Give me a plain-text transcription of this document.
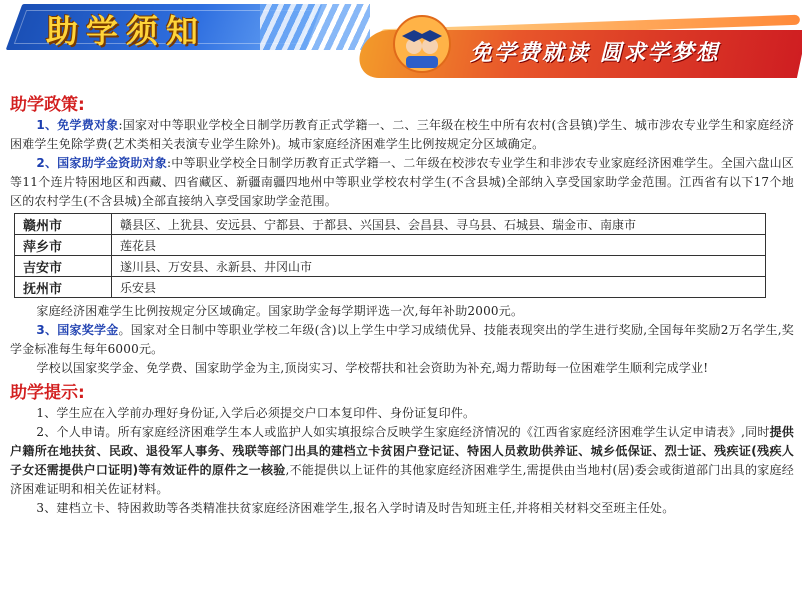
助学须知
免学费就读 圆求学梦想
助学政策:

1、免学费对象:国家对中等职业学校全日制学历教育正式学籍一、二、三年级在校生中所有农村(含县镇)学生、城市涉农专业学生和家庭经济困难学生免除学费(艺术类相关表演专业学生除外)。城市家庭经济困难学生比例按规定分区域确定。

2、国家助学金资助对象:中等职业学校全日制学历教育正式学籍一、二年级在校涉农专业学生和非涉农专业家庭经济困难学生。全国六盘山区等11个连片特困地区和西藏、四省藏区、新疆南疆四地州中等职业学校农村学生(不含县城)全部纳入享受国家助学金范围。江西省有以下17个地区的农村学生(不含县城)全部直接纳入享受国家助学金范围。

赣州市	赣县区、上犹县、安远县、宁都县、于都县、兴国县、会昌县、寻乌县、石城县、瑞金市、南康市
萍乡市	莲花县
吉安市	遂川县、万安县、永新县、井冈山市
抚州市	乐安县

家庭经济困难学生比例按规定分区域确定。国家助学金每学期评选一次,每年补助2000元。

3、国家奖学金。国家对全日制中等职业学校二年级(含)以上学生中学习成绩优异、技能表现突出的学生进行奖励,全国每年奖励2万名学生,奖学金标准每生每年6000元。

学校以国家奖学金、免学费、国家助学金为主,顶岗实习、学校帮扶和社会资助为补充,竭力帮助每一位困难学生顺利完成学业!

助学提示:

1、学生应在入学前办理好身份证,入学后必须提交户口本复印件、身份证复印件。

2、个人申请。所有家庭经济困难学生本人或监护人如实填报综合反映学生家庭经济情况的《江西省家庭经济困难学生认定申请表》,同时提供户籍所在地扶贫、民政、退役军人事务、残联等部门出具的建档立卡贫困户登记证、特困人员救助供养证、城乡低保证、烈士证、残疾证(残疾人子女还需提供户口证明)等有效证件的原件之一核验,不能提供以上证件的其他家庭经济困难学生,需提供由当地村(居)委会或街道部门出具的家庭经济困难证明和相关佐证材料。

3、建档立卡、特困救助等各类精准扶贫家庭经济困难学生,报名入学时请及时告知班主任,并将相关材料交至班主任处。
